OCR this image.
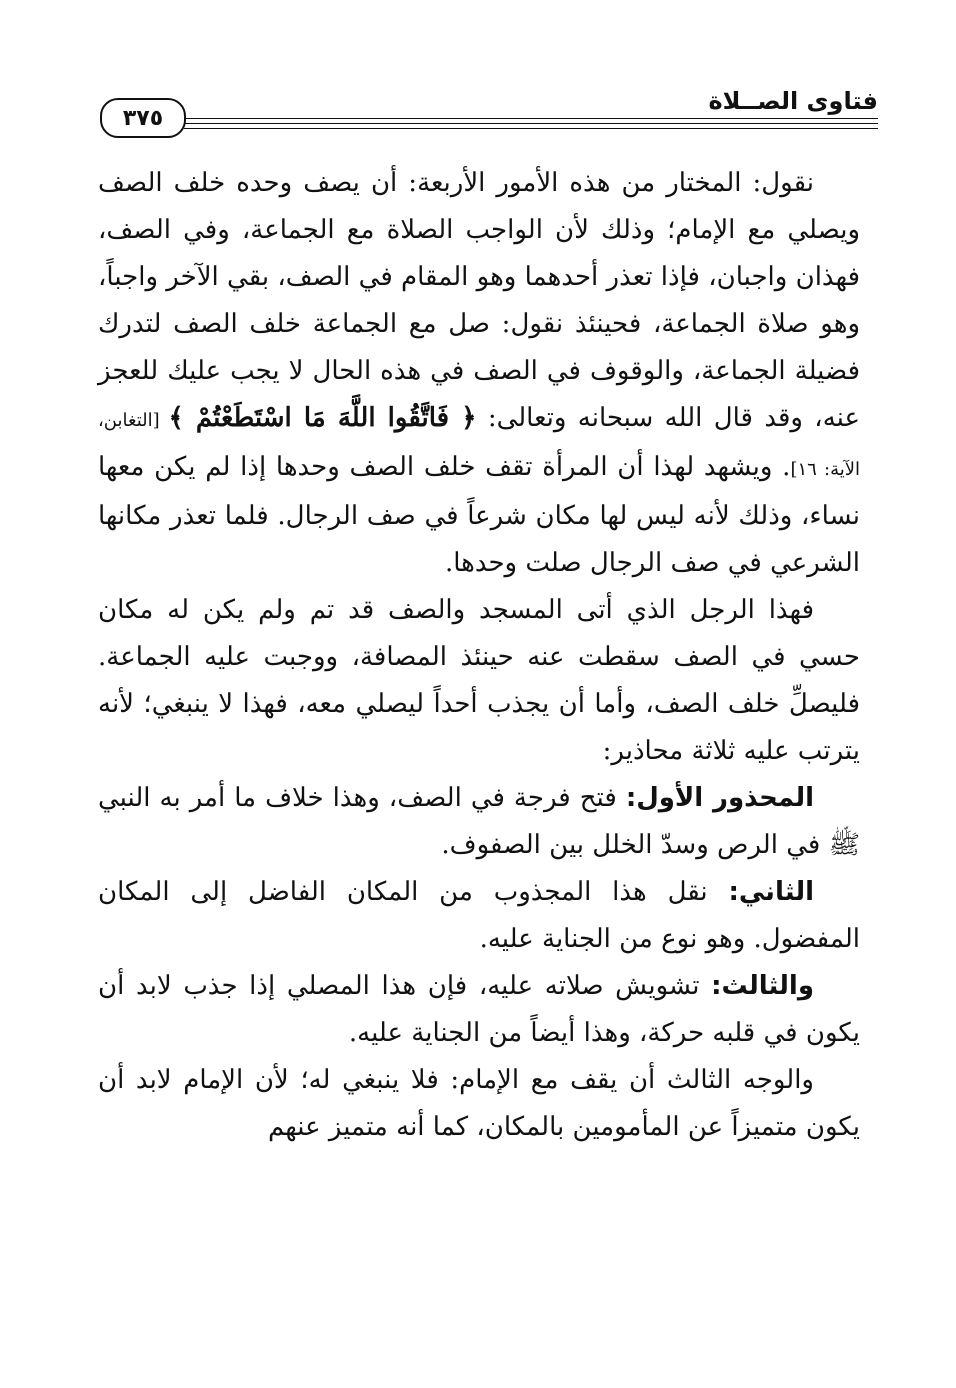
فتاوى الصــلاة
٣٧٥

نقول: المختار من هذه الأمور الأربعة: أن يصف وحده خلف الصف ويصلي مع الإمام؛ وذلك لأن الواجب الصلاة مع الجماعة، وفي الصف، فهذان واجبان، فإذا تعذر أحدهما وهو المقام في الصف، بقي الآخر واجباً، وهو صلاة الجماعة، فحينئذ نقول: صل مع الجماعة خلف الصف لتدرك فضيلة الجماعة، والوقوف في الصف في هذه الحال لا يجب عليك للعجز عنه، وقد قال الله سبحانه وتعالى: ﴿ فَاتَّقُوا اللَّهَ مَا اسْتَطَعْتُمْ ﴾ [التغابن، الآية: ١٦]. ويشهد لهذا أن المرأة تقف خلف الصف وحدها إذا لم يكن معها نساء، وذلك لأنه ليس لها مكان شرعاً في صف الرجال. فلما تعذر مكانها الشرعي في صف الرجال صلت وحدها.

فهذا الرجل الذي أتى المسجد والصف قد تم ولم يكن له مكان حسي في الصف سقطت عنه حينئذ المصافة، ووجبت عليه الجماعة. فليصلِّ خلف الصف، وأما أن يجذب أحداً ليصلي معه، فهذا لا ينبغي؛ لأنه يترتب عليه ثلاثة محاذير:

المحذور الأول: فتح فرجة في الصف، وهذا خلاف ما أمر به النبي ﷺ في الرص وسدّ الخلل بين الصفوف.

الثاني: نقل هذا المجذوب من المكان الفاضل إلى المكان المفضول. وهو نوع من الجناية عليه.

والثالث: تشويش صلاته عليه، فإن هذا المصلي إذا جذب لابد أن يكون في قلبه حركة، وهذا أيضاً من الجناية عليه.

والوجه الثالث أن يقف مع الإمام: فلا ينبغي له؛ لأن الإمام لابد أن يكون متميزاً عن المأمومين بالمكان، كما أنه متميز عنهم
